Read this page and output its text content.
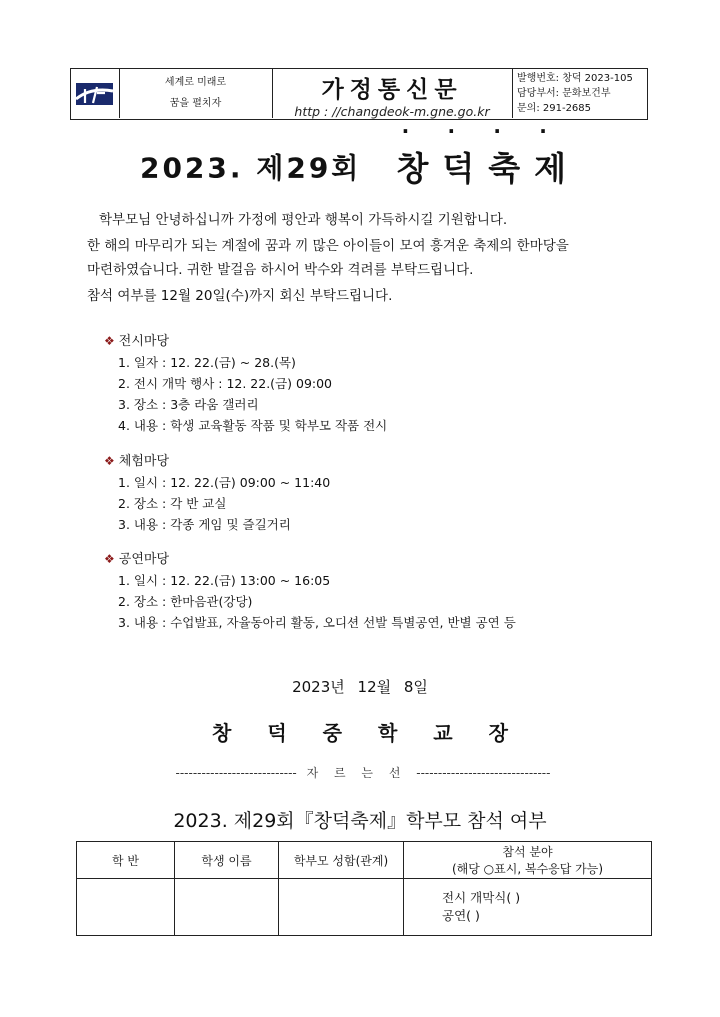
세계로 미래로
꿈을 펼치자
가정통신문
http : //changdeok-m.gne.go.kr
발행번호: 창덕 2023-105
담당부서: 문화보건부
문의: 291-2685
2023. 제29회 창덕축제
학부모님 안녕하십니까 가정에 평안과 행복이 가득하시길 기원합니다.
한 해의 마무리가 되는 계절에 꿈과 끼 많은 아이들이 모여 흥겨운 축제의 한마당을
마련하였습니다. 귀한 발걸음 하시어 박수와 격려를 부탁드립니다.
참석 여부를 12월 20일(수)까지 회신 부탁드립니다.
❖ 전시마당
1. 일자 : 12. 22.(금) ~ 28.(목)
2. 전시 개막 행사 : 12. 22.(금) 09:00
3. 장소 : 3층 라움 갤러리
4. 내용 : 학생 교육활동 작품 및 학부모 작품 전시
❖ 체험마당
1. 일시 : 12. 22.(금) 09:00 ~ 11:40
2. 장소 : 각 반 교실
3. 내용 : 각종 게임 및 즐길거리
❖ 공연마당
1. 일시 : 12. 22.(금) 13:00 ~ 16:05
2. 장소 : 한마음관(강당)
3. 내용 : 수업발표, 자율동아리 활동, 오디션 선발 특별공연, 반별 공연 등
2023년 12월 8일
창덕중학교장
---------------------------- 자 르 는 선 -------------------------------
2023. 제29회『창덕축제』학부모 참석 여부
학 반	학생 이름	학부모 성함(관계)	참석 분야
(해당 ○표시, 복수응답 가능)

			전시 개막식( )
공연( )
